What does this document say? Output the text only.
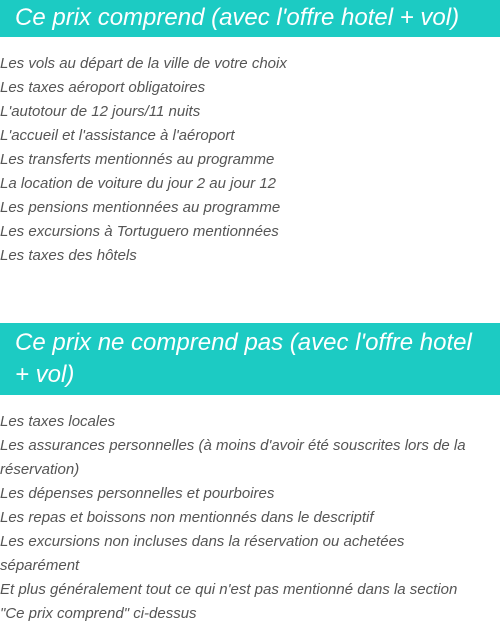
Ce prix comprend (avec l'offre hotel + vol)
Les vols au départ de la ville de votre choix
Les taxes aéroport obligatoires
L'autotour de 12 jours/11 nuits
L'accueil et l'assistance à l'aéroport
Les transferts mentionnés au programme
La location de voiture du jour 2 au jour 12
Les pensions mentionnées au programme
Les excursions à Tortuguero mentionnées
Les taxes des hôtels
Ce prix ne comprend pas (avec l'offre hotel + vol)
Les taxes locales
Les assurances personnelles (à moins d'avoir été souscrites lors de la réservation)
Les dépenses personnelles et pourboires
Les repas et boissons non mentionnés dans le descriptif
Les excursions non incluses dans la réservation ou achetées séparément
Et plus généralement tout ce qui n'est pas mentionné dans la section "Ce prix comprend" ci-dessus
